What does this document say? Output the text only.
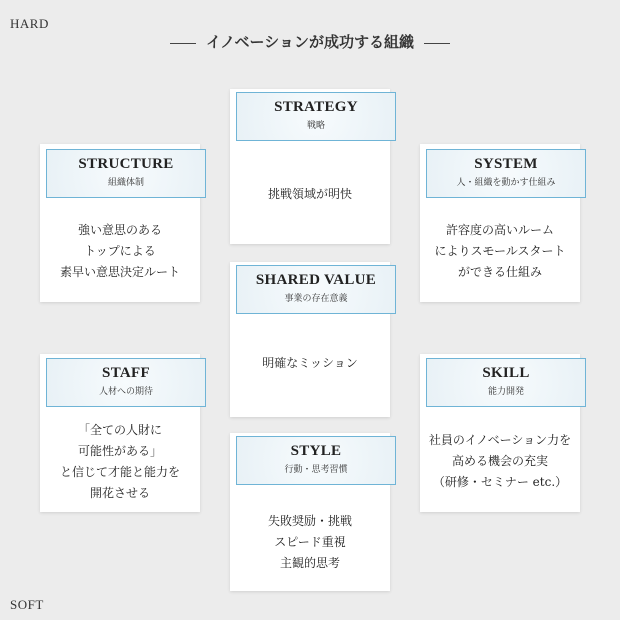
HARD
SOFT
イノベーションが成功する組織
STRATEGY
戦略
挑戦領域が明快
STRUCTURE
組織体制
強い意思のある
トップによる
素早い意思決定ルート
SYSTEM
人・組織を動かす仕組み
許容度の高いルーム
によりスモールスタート
ができる仕組み
SHARED VALUE
事業の存在意義
明確なミッション
STAFF
人材への期待
「全ての人財に
可能性がある」
と信じて才能と能力を
開花させる
SKILL
能力開発
社員のイノベーション力を
高める機会の充実
（研修・セミナー etc.）
STYLE
行動・思考習慣
失敗奨励・挑戦
スピード重視
主観的思考
